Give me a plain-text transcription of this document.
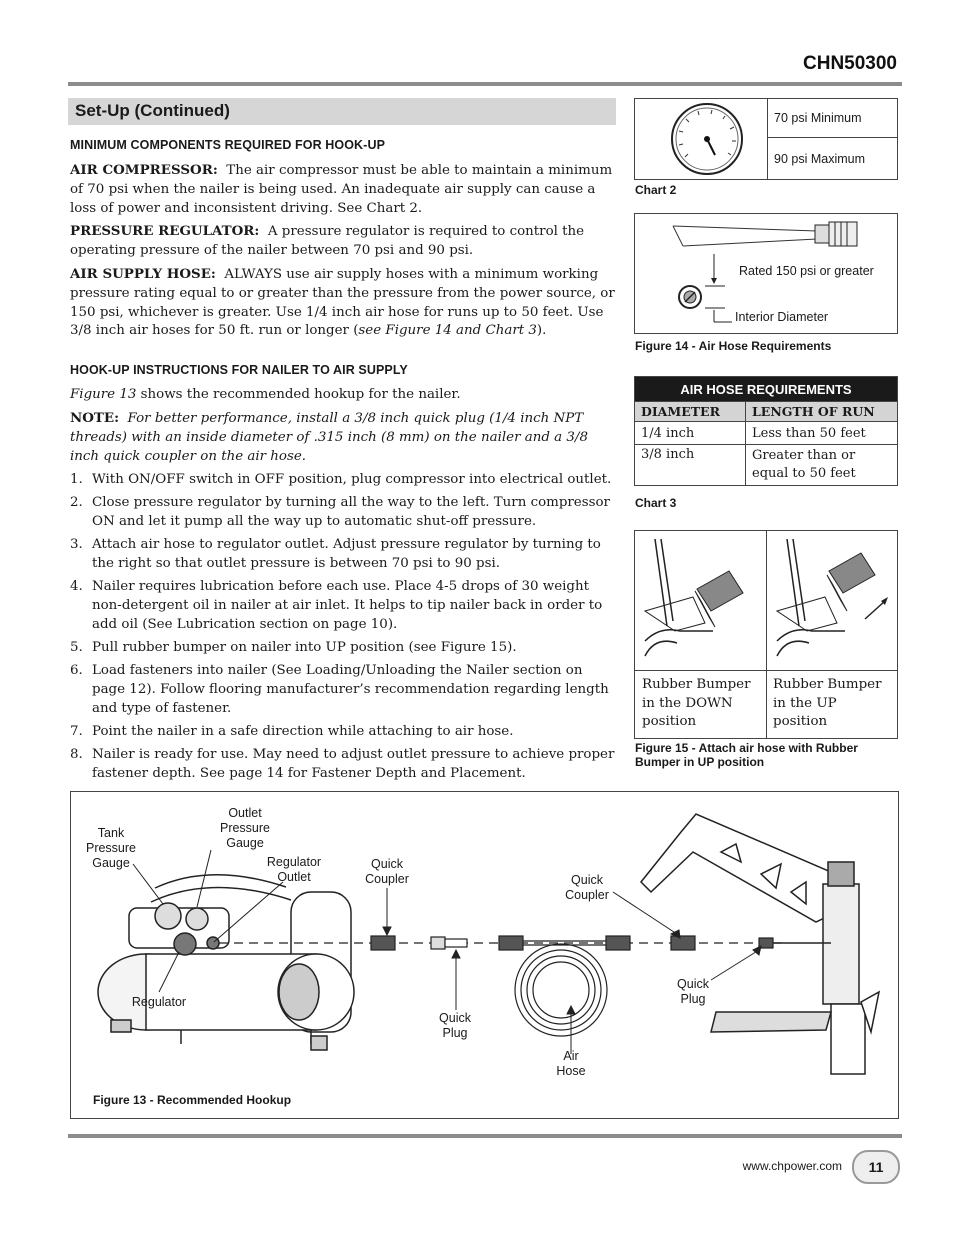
CHN50300
Set-Up (Continued)
MINIMUM COMPONENTS REQUIRED FOR HOOK-UP
AIR COMPRESSOR: The air compressor must be able to maintain a minimum of 70 psi when the nailer is being used. An inadequate air supply can cause a loss of power and inconsistent driving. See Chart 2.
PRESSURE REGULATOR: A pressure regulator is required to control the operating pressure of the nailer between 70 psi and 90 psi.
AIR SUPPLY HOSE: ALWAYS use air supply hoses with a minimum working pressure rating equal to or greater than the pressure from the power source, or 150 psi, whichever is greater. Use 1/4 inch air hose for runs up to 50 feet. Use 3/8 inch air hoses for 50 ft. run or longer (see Figure 14 and Chart 3).
HOOK-UP INSTRUCTIONS FOR NAILER TO AIR SUPPLY
Figure 13 shows the recommended hookup for the nailer.
NOTE: For better performance, install a 3/8 inch quick plug (1/4 inch NPT threads) with an inside diameter of .315 inch (8 mm) on the nailer and a 3/8 inch quick coupler on the air hose.
1. With ON/OFF switch in OFF position, plug compressor into electrical outlet.
2. Close pressure regulator by turning all the way to the left. Turn compressor ON and let it pump all the way up to automatic shut-off pressure.
3. Attach air hose to regulator outlet. Adjust pressure regulator by turning to the right so that outlet pressure is between 70 psi to 90 psi.
4. Nailer requires lubrication before each use. Place 4-5 drops of 30 weight non-detergent oil in nailer at air inlet. It helps to tip nailer back in order to add oil (See Lubrication section on page 10).
5. Pull rubber bumper on nailer into UP position (see Figure 15).
6. Load fasteners into nailer (See Loading/Unloading the Nailer section on page 12). Follow flooring manufacturer’s recommendation regarding length and type of fastener.
7. Point the nailer in a safe direction while attaching to air hose.
8. Nailer is ready for use. May need to adjust outlet pressure to achieve proper fastener depth. See page 14 for Fastener Depth and Placement.
70 psi Minimum
90 psi Maximum
Chart 2
Rated 150 psi or greater
Interior Diameter
Figure 14 - Air Hose Requirements
AIR HOSE REQUIREMENTS	
DIAMETER	LENGTH OF RUN
1/4 inch	Less than 50 feet
3/8 inch	Greater than or equal to 50 feet
Chart 3
Rubber Bumper in the DOWN position
Rubber Bumper in the UP position
Figure 15 - Attach air hose with Rubber Bumper in UP position
Tank
Pressure
Gauge
Outlet
Pressure
Gauge
Regulator
Outlet
Quick
Coupler	Quick
Coupler
Regulator
Quick
Plug
Quick
Plug
Air
Hose
Figure 13 - Recommended Hookup
www.chpower.com	11
